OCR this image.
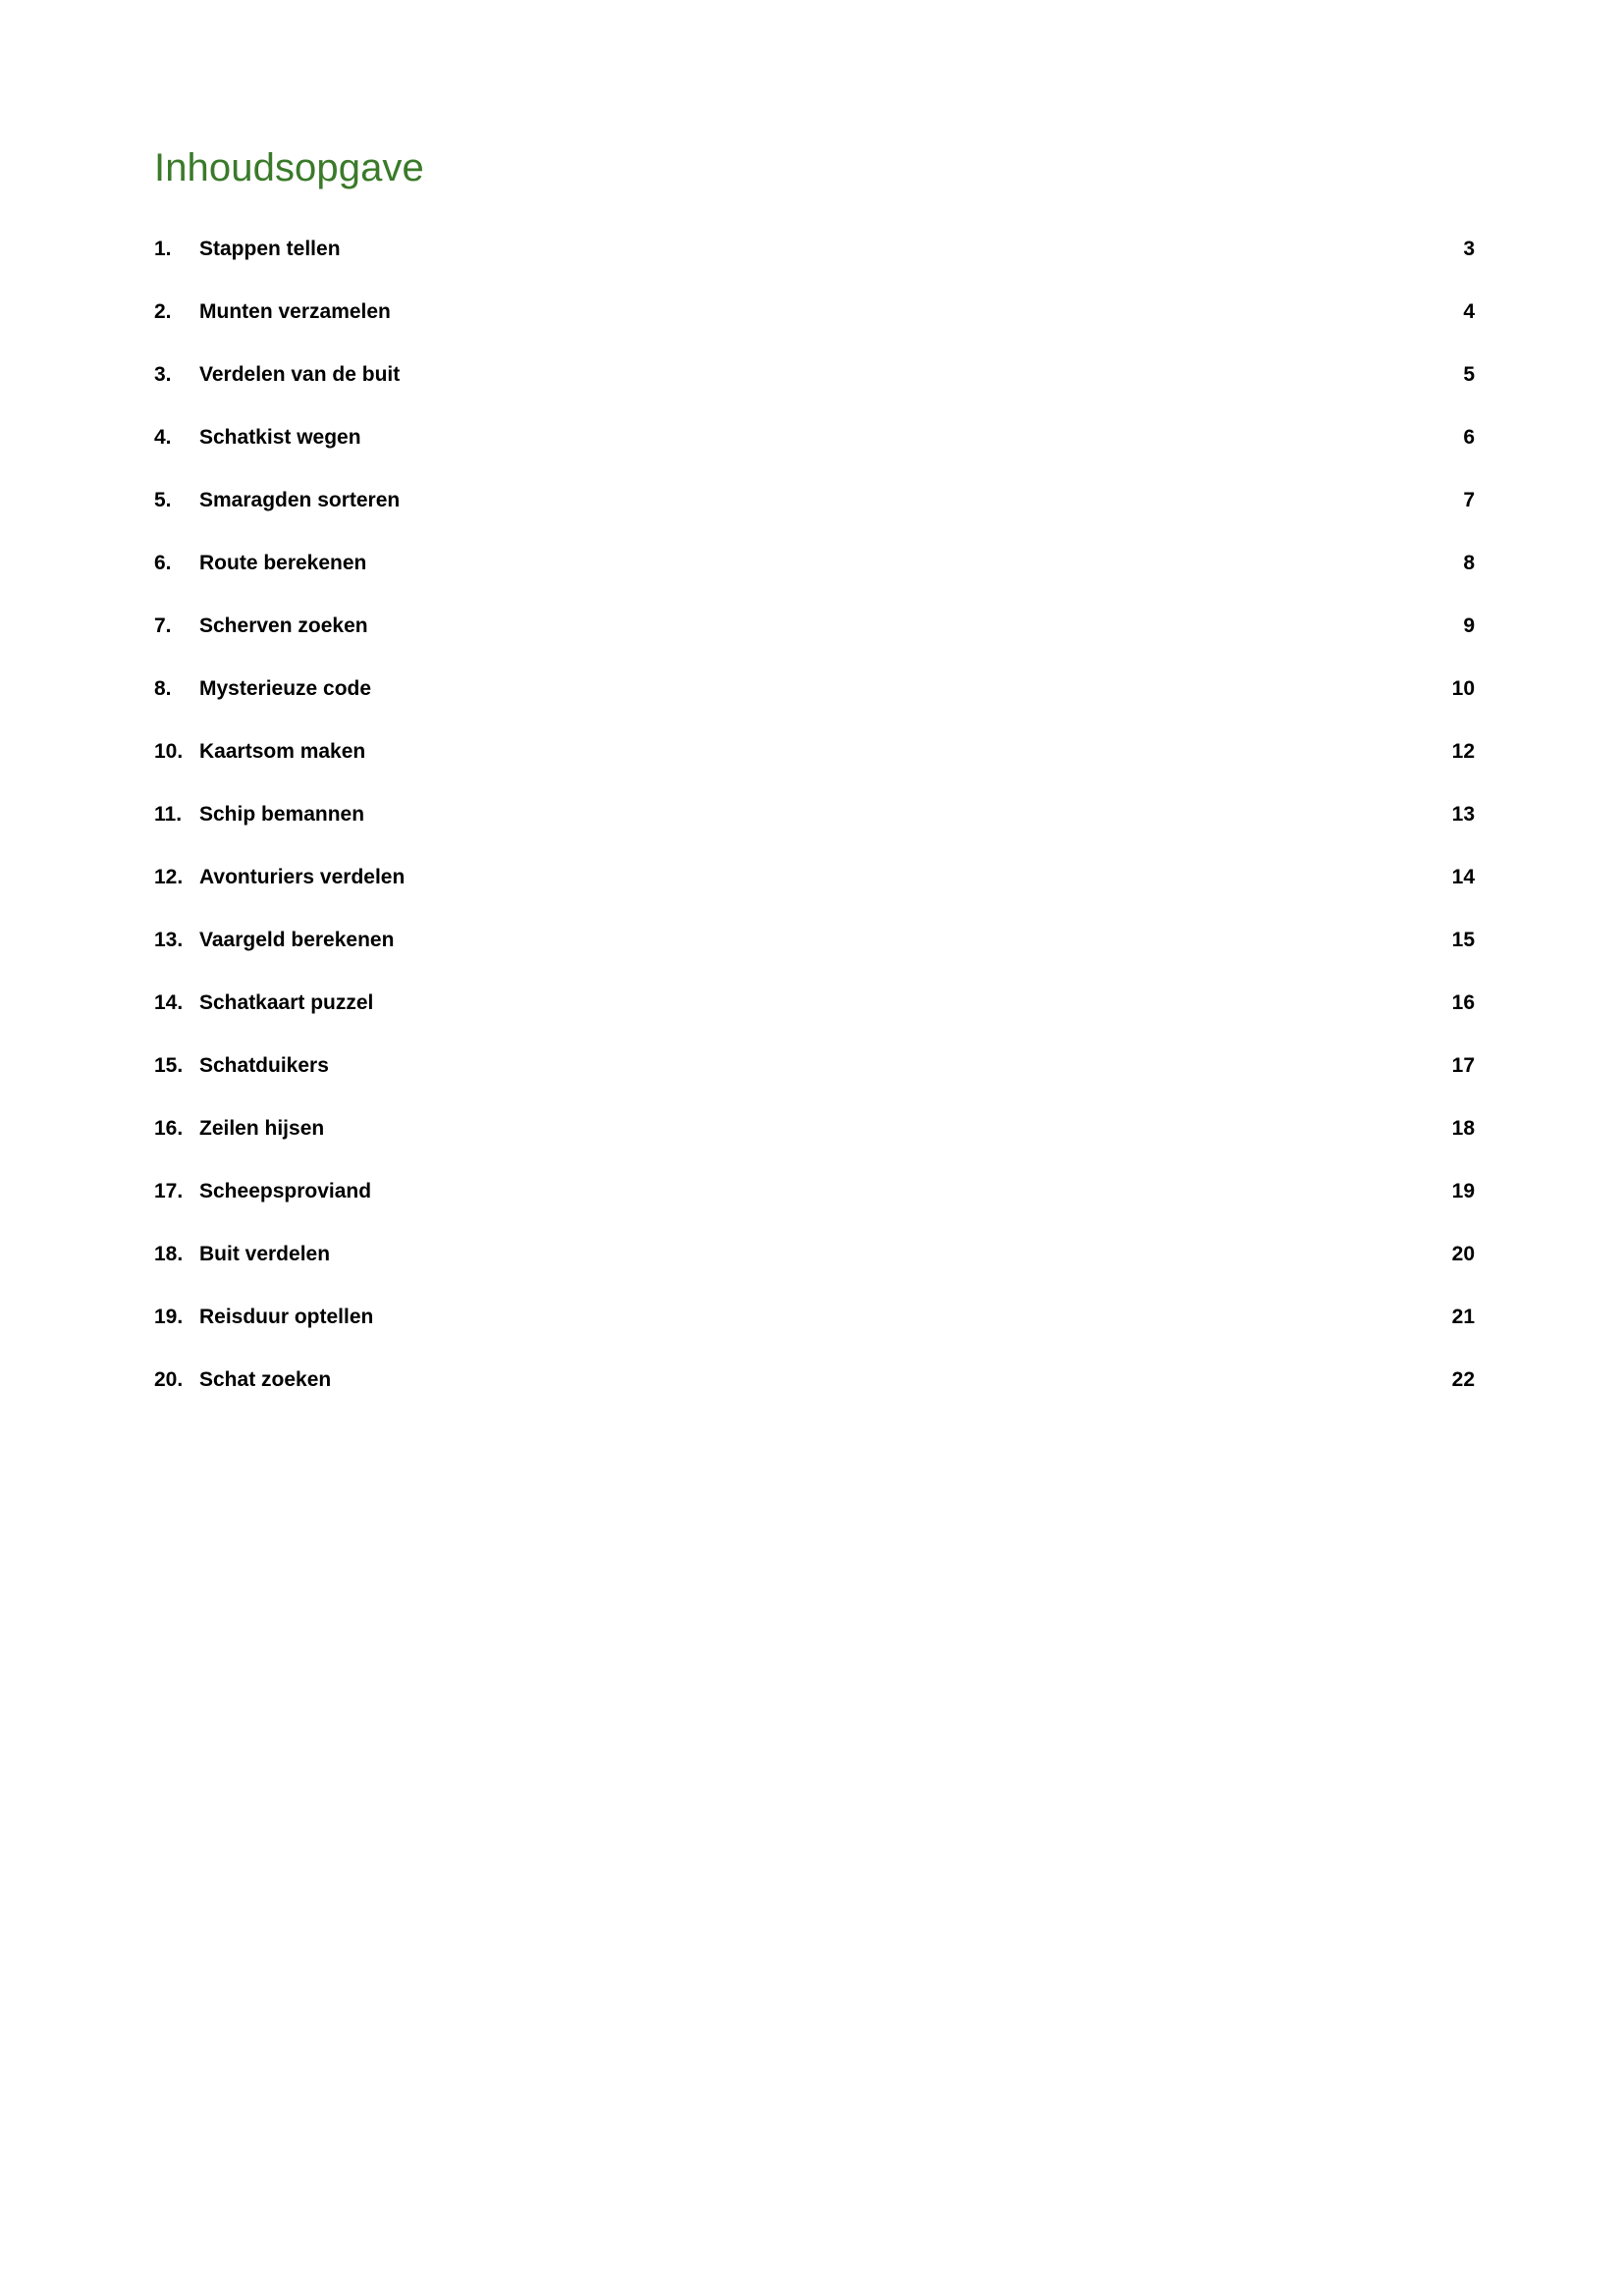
Inhoudsopgave
1.	Stappen tellen .....	3
2.	Munten verzamelen .....	4
3.	Verdelen van de buit .....	5
4.	Schatkist wegen .....	6
5.	Smaragden sorteren .....	7
6.	Route berekenen .....	8
7.	Scherven zoeken .....	9
8.	Mysterieuze code .....	10
10. Kaartsom maken .....	12
11. Schip bemannen .....	13
12. Avonturiers verdelen .....	14
13. Vaargeld berekenen .....	15
14. Schatkaart puzzel .....	16
15. Schatduikers .....	17
16. Zeilen hijsen .....	18
17. Scheepsproviand .....	19
18. Buit verdelen .....	20
19. Reisduur optellen .....	21
20. Schat zoeken .....	22
